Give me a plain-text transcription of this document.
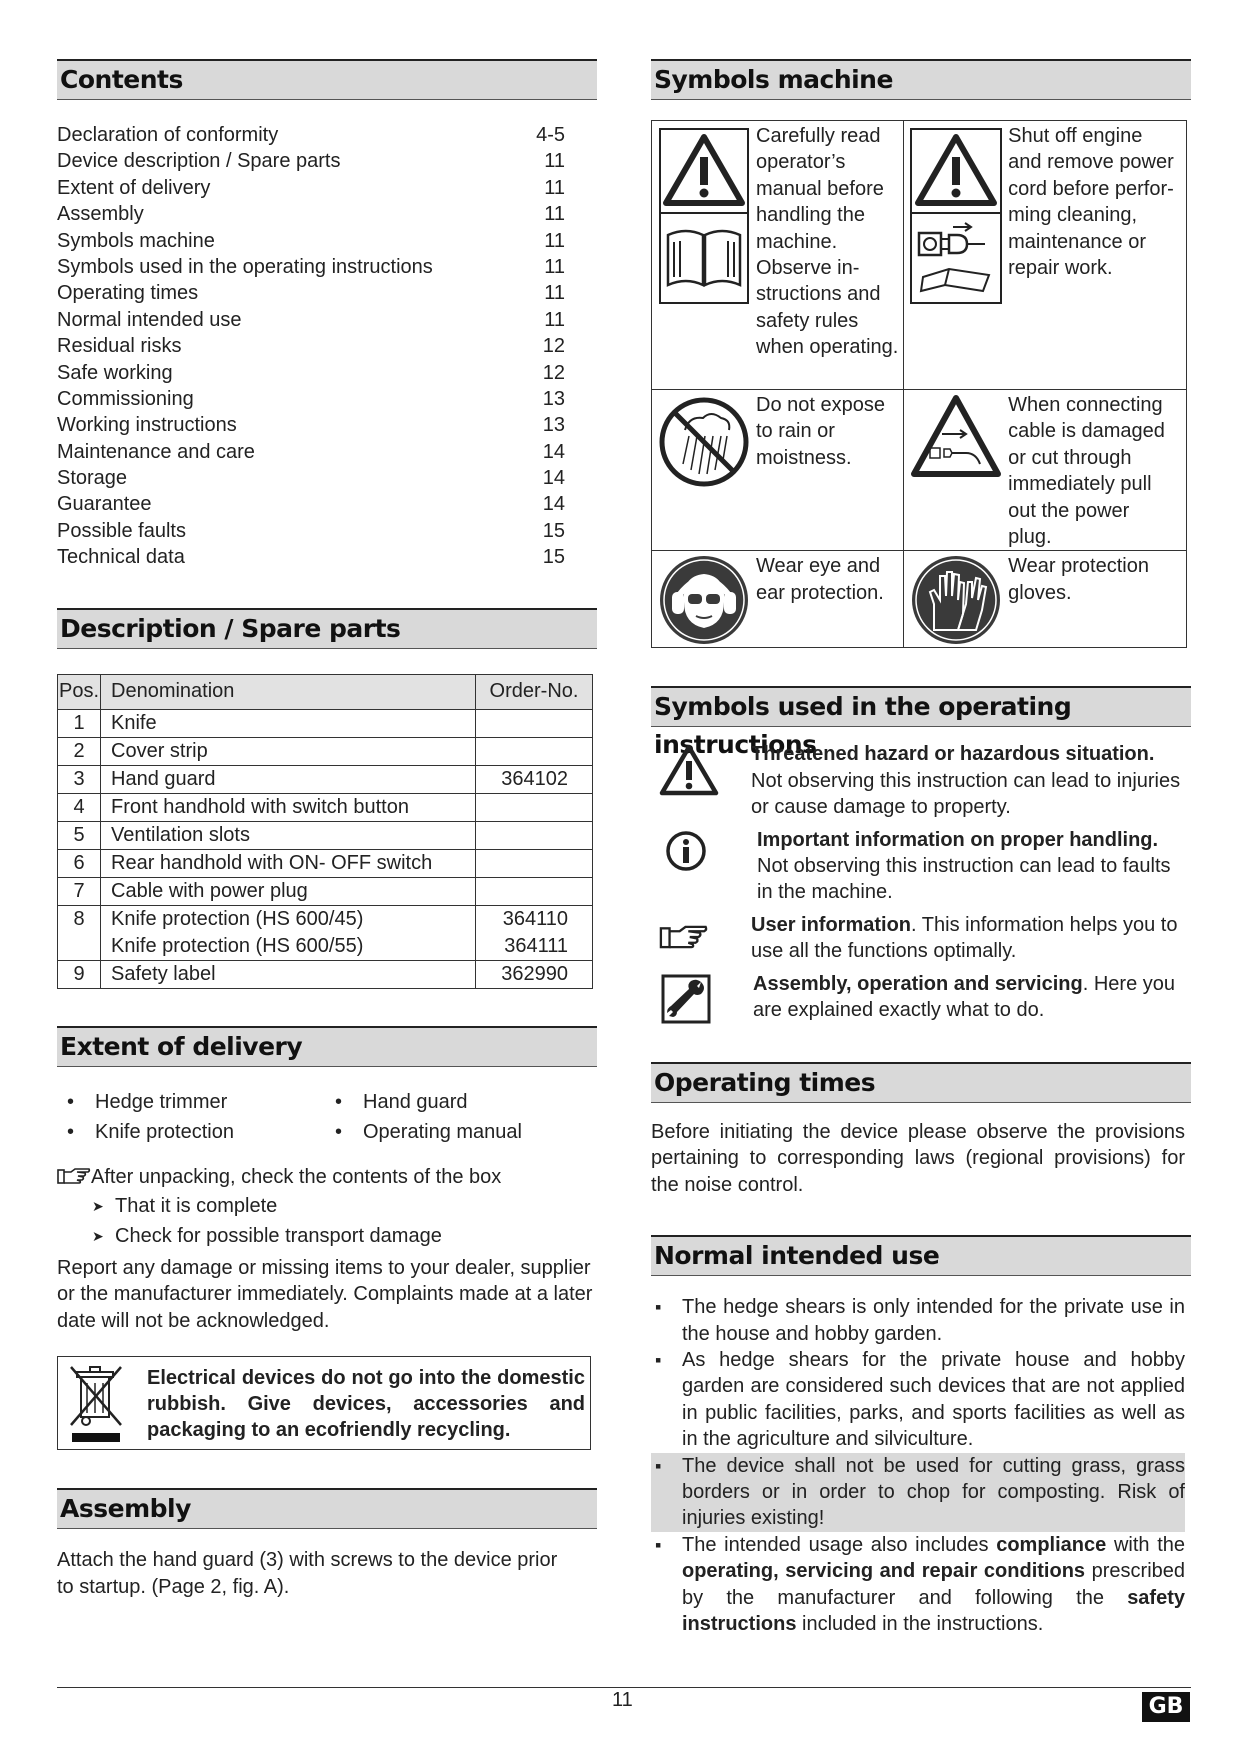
Contents
Declaration of conformity	4-5
Device description / Spare parts	11
Extent of delivery	11
Assembly	11
Symbols machine	11
Symbols used in the operating instructions	11
Operating times	11
Normal intended use	11
Residual risks	12
Safe working	12
Commissioning	13
Working instructions	13
Maintenance and care	14
Storage	14
Guarantee	14
Possible faults	15
Technical data	15
Description / Spare parts
Pos.	Denomination	Order-No.
1	Knife	
2	Cover strip	
3	Hand guard	364102
4	Front handhold with switch button	
5	Ventilation slots	
6	Rear handhold with ON- OFF switch	
7	Cable with power plug	
8	Knife protection (HS 600/45)	364110
	Knife protection (HS 600/55)	364111
9	Safety label	362990
Extent of delivery
• Hedge trimmer
• Knife protection
• Hand guard
• Operating manual
After unpacking, check the contents of the box
➤ That it is complete
➤ Check for possible transport damage
Report any damage or missing items to your dealer, supplier or the manufacturer immediately. Complaints made at a later date will not be acknowledged.
Electrical devices do not go into the domestic rubbish. Give devices, accessories and packaging to an ecofriendly recycling.
Assembly
Attach the hand guard (3) with screws to the device prior to startup. (Page 2, fig. A).
Symbols machine
Carefully read operator’s manual before handling the machine. Observe in-structions and safety rules when operating.	Shut off engine and remove power cord before perfor-ming cleaning, maintenance or repair work.

Do not expose to rain or moistness.	When connecting cable is damaged or cut through immediately pull out the power plug.

Wear eye and ear protection.	Wear protection gloves.
Symbols used in the operating instructions
Threatened hazard or hazardous situation. Not observing this instruction can lead to injuries or cause damage to property.
Important information on proper handling. Not observing this instruction can lead to faults in the machine.
User information. This information helps you to use all the functions optimally.
Assembly, operation and servicing. Here you are explained exactly what to do.
Operating times
Before initiating the device please observe the provisions pertaining to corresponding laws (regional provisions) for the noise control.
Normal intended use
▪ The hedge shears is only intended for the private use in the house and hobby garden.
▪ As hedge shears for the private house and hobby garden are considered such devices that are not applied in public facilities, parks, and sports facilities as well as in the agriculture and silviculture.
▪ The device shall not be used for cutting grass, grass borders or in order to chop for composting. Risk of injuries existing!
▪ The intended usage also includes compliance with the operating, servicing and repair conditions prescribed by the manufacturer and following the safety instructions included in the instructions.
11	GB
